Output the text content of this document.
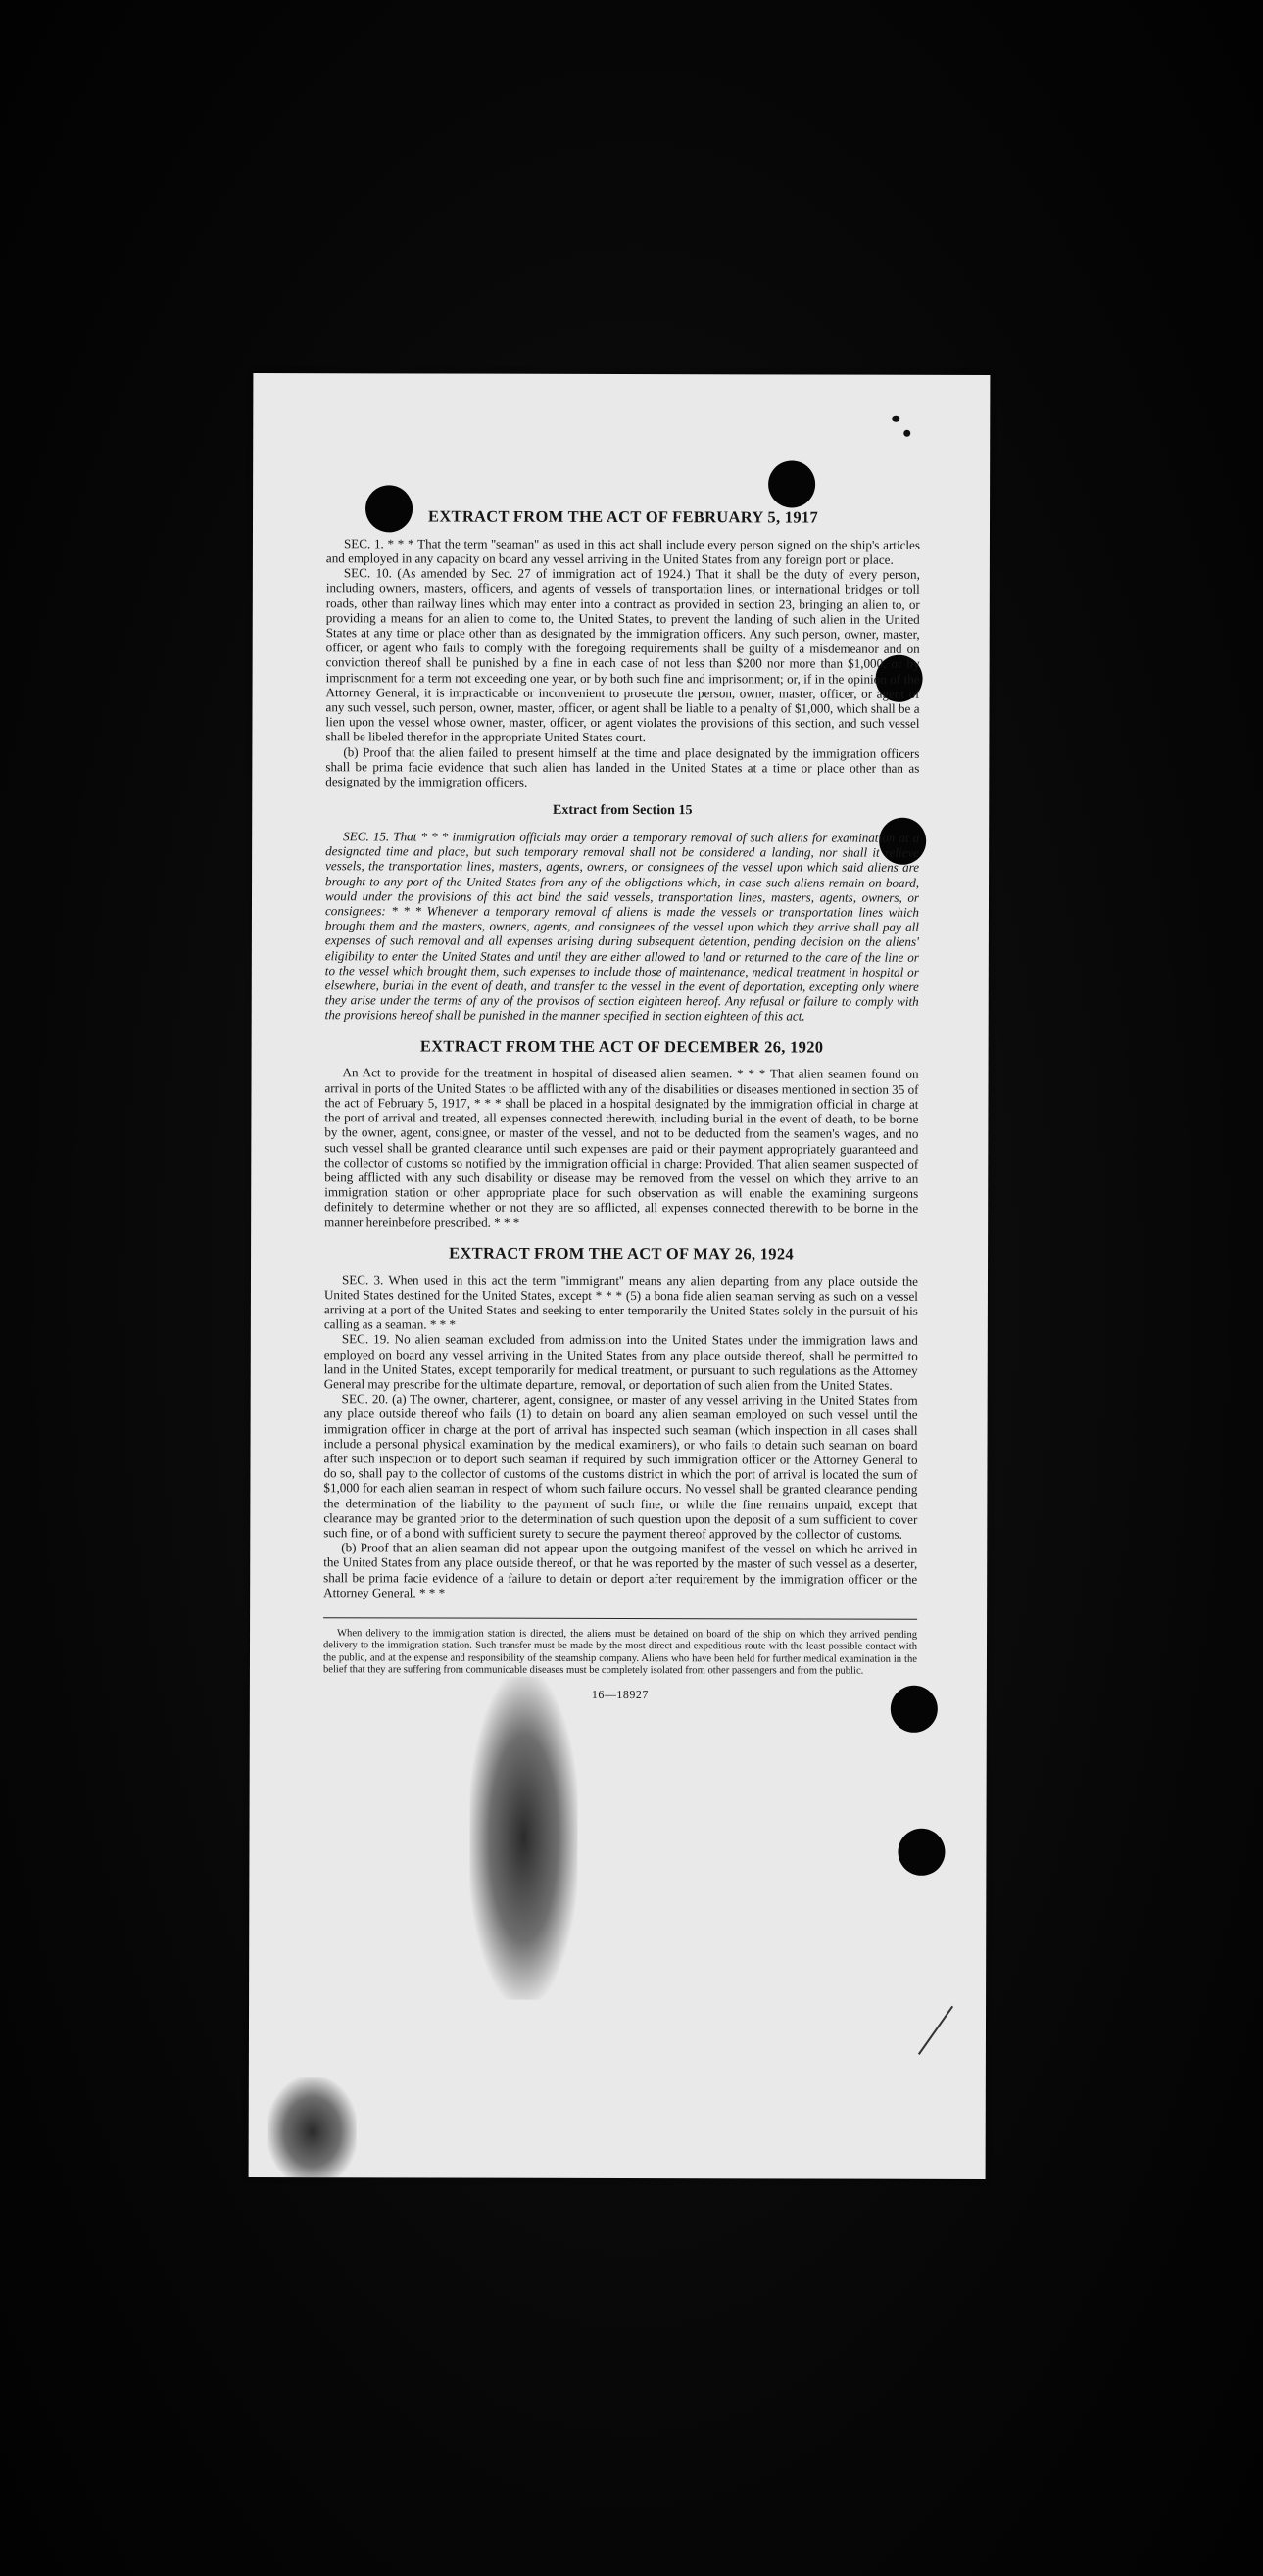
EXTRACT FROM THE ACT OF FEBRUARY 5, 1917

SEC. 1. * * * That the term ''seaman'' as used in this act shall include every person signed on the ship's articles and employed in any capacity on board any vessel arriving in the United States from any foreign port or place.

SEC. 10. (As amended by Sec. 27 of immigration act of 1924.) That it shall be the duty of every person, including owners, masters, officers, and agents of vessels of transportation lines, or international bridges or toll roads, other than railway lines which may enter into a contract as provided in section 23, bringing an alien to, or providing a means for an alien to come to, the United States, to prevent the landing of such alien in the United States at any time or place other than as designated by the immigration officers. Any such person, owner, master, officer, or agent who fails to comply with the foregoing requirements shall be guilty of a misdemeanor and on conviction thereof shall be punished by a fine in each case of not less than $200 nor more than $1,000, or by imprisonment for a term not exceeding one year, or by both such fine and imprisonment; or, if in the opinion of the Attorney General, it is impracticable or inconvenient to prosecute the person, owner, master, officer, or agent of any such vessel, such person, owner, master, officer, or agent shall be liable to a penalty of $1,000, which shall be a lien upon the vessel whose owner, master, officer, or agent violates the provisions of this section, and such vessel shall be libeled therefor in the appropriate United States court.

(b) Proof that the alien failed to present himself at the time and place designated by the immigration officers shall be prima facie evidence that such alien has landed in the United States at a time or place other than as designated by the immigration officers.

Extract from Section 15

SEC. 15. That * * * immigration officials may order a temporary removal of such aliens for examination at a designated time and place, but such temporary removal shall not be considered a landing, nor shall it relieve vessels, the transportation lines, masters, agents, owners, or consignees of the vessel upon which said aliens are brought to any port of the United States from any of the obligations which, in case such aliens remain on board, would under the provisions of this act bind the said vessels, transportation lines, masters, agents, owners, or consignees: * * * Whenever a temporary removal of aliens is made the vessels or transportation lines which brought them and the masters, owners, agents, and consignees of the vessel upon which they arrive shall pay all expenses of such removal and all expenses arising during subsequent detention, pending decision on the aliens' eligibility to enter the United States and until they are either allowed to land or returned to the care of the line or to the vessel which brought them, such expenses to include those of maintenance, medical treatment in hospital or elsewhere, burial in the event of death, and transfer to the vessel in the event of deportation, excepting only where they arise under the terms of any of the provisos of section eighteen hereof. Any refusal or failure to comply with the provisions hereof shall be punished in the manner specified in section eighteen of this act.

EXTRACT FROM THE ACT OF DECEMBER 26, 1920

An Act to provide for the treatment in hospital of diseased alien seamen. * * * That alien seamen found on arrival in ports of the United States to be afflicted with any of the disabilities or diseases mentioned in section 35 of the act of February 5, 1917, * * * shall be placed in a hospital designated by the immigration official in charge at the port of arrival and treated, all expenses connected therewith, including burial in the event of death, to be borne by the owner, agent, consignee, or master of the vessel, and not to be deducted from the seamen's wages, and no such vessel shall be granted clearance until such expenses are paid or their payment appropriately guaranteed and the collector of customs so notified by the immigration official in charge: Provided, That alien seamen suspected of being afflicted with any such disability or disease may be removed from the vessel on which they arrive to an immigration station or other appropriate place for such observation as will enable the examining surgeons definitely to determine whether or not they are so afflicted, all expenses connected therewith to be borne in the manner hereinbefore prescribed. * * *

EXTRACT FROM THE ACT OF MAY 26, 1924

SEC. 3. When used in this act the term ''immigrant'' means any alien departing from any place outside the United States destined for the United States, except * * * (5) a bona fide alien seaman serving as such on a vessel arriving at a port of the United States and seeking to enter temporarily the United States solely in the pursuit of his calling as a seaman. * * *

SEC. 19. No alien seaman excluded from admission into the United States under the immigration laws and employed on board any vessel arriving in the United States from any place outside thereof, shall be permitted to land in the United States, except temporarily for medical treatment, or pursuant to such regulations as the Attorney General may prescribe for the ultimate departure, removal, or deportation of such alien from the United States.

SEC. 20. (a) The owner, charterer, agent, consignee, or master of any vessel arriving in the United States from any place outside thereof who fails (1) to detain on board any alien seaman employed on such vessel until the immigration officer in charge at the port of arrival has inspected such seaman (which inspection in all cases shall include a personal physical examination by the medical examiners), or who fails to detain such seaman on board after such inspection or to deport such seaman if required by such immigration officer or the Attorney General to do so, shall pay to the collector of customs of the customs district in which the port of arrival is located the sum of $1,000 for each alien seaman in respect of whom such failure occurs. No vessel shall be granted clearance pending the determination of the liability to the payment of such fine, or while the fine remains unpaid, except that clearance may be granted prior to the determination of such question upon the deposit of a sum sufficient to cover such fine, or of a bond with sufficient surety to secure the payment thereof approved by the collector of customs.

(b) Proof that an alien seaman did not appear upon the outgoing manifest of the vessel on which he arrived in the United States from any place outside thereof, or that he was reported by the master of such vessel as a deserter, shall be prima facie evidence of a failure to detain or deport after requirement by the immigration officer or the Attorney General. * * *

When delivery to the immigration station is directed, the aliens must be detained on board of the ship on which they arrived pending delivery to the immigration station. Such transfer must be made by the most direct and expeditious route with the least possible contact with the public, and at the expense and responsibility of the steamship company. Aliens who have been held for further medical examination in the belief that they are suffering from communicable diseases must be completely isolated from other passengers and from the public.

16—18927
